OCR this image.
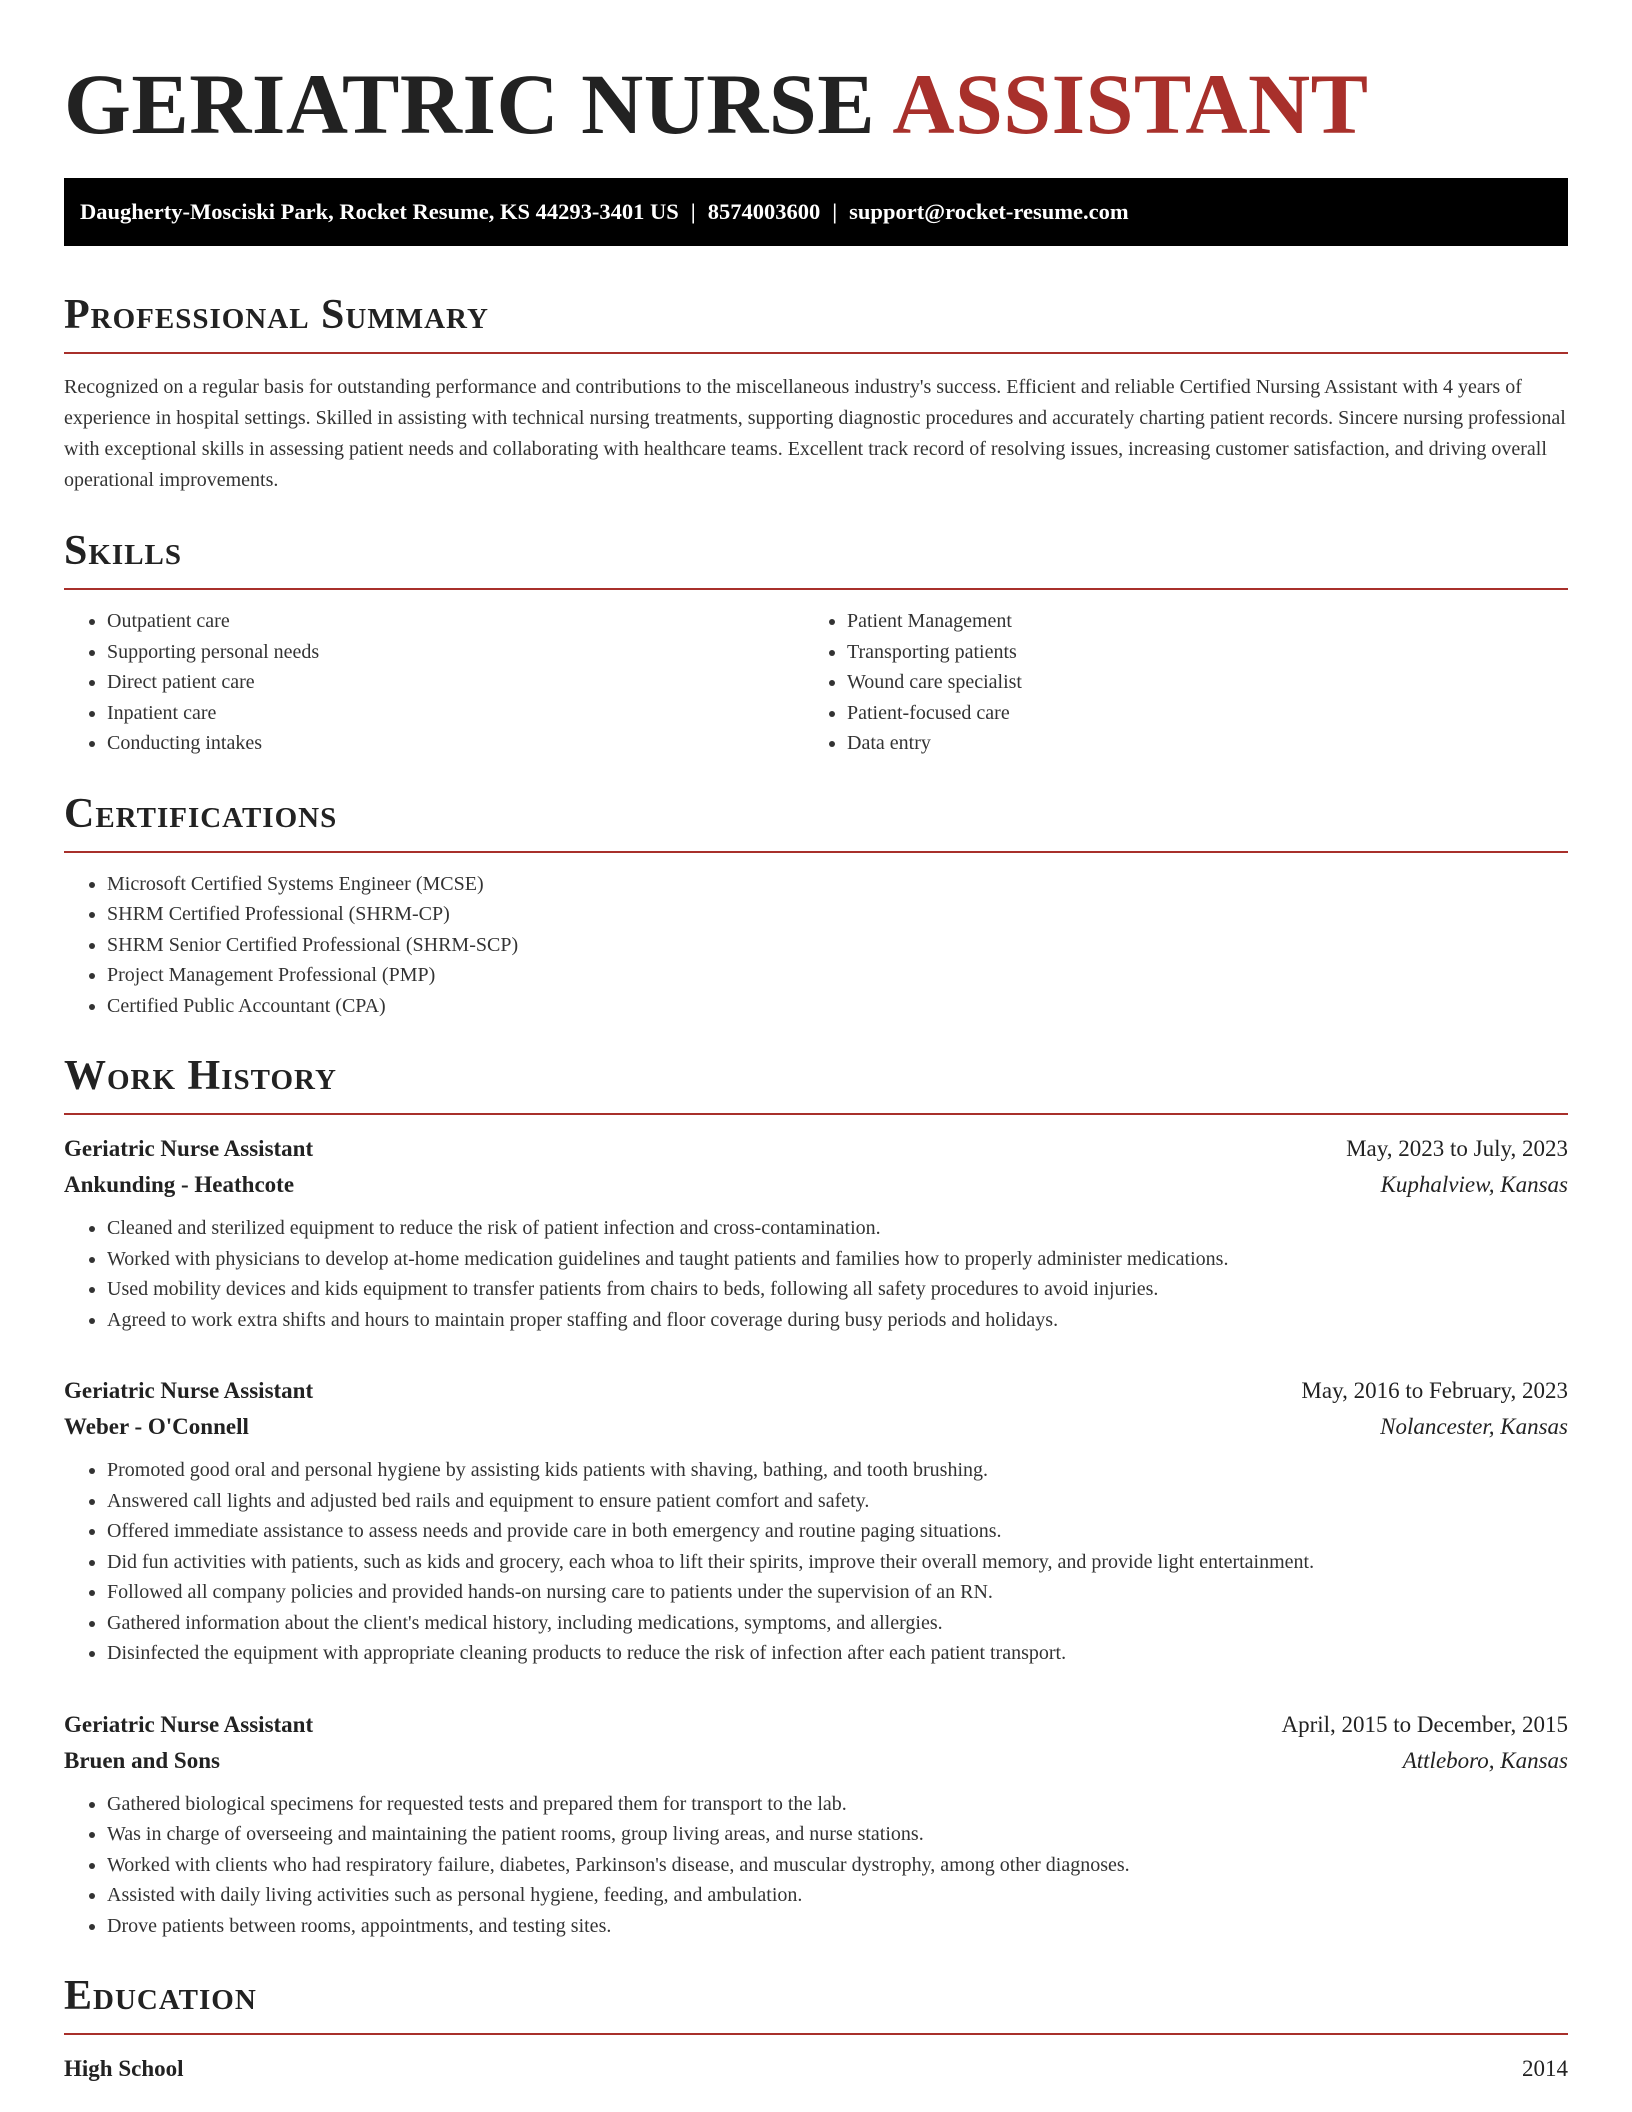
GERIATRIC NURSE ASSISTANT
Daugherty-Mosciski Park, Rocket Resume, KS 44293-3401 US | 8574003600 | support@rocket-resume.com
Professional Summary

Recognized on a regular basis for outstanding performance and contributions to the miscellaneous industry's success. Efficient and reliable Certified Nursing Assistant with 4 years of experience in hospital settings. Skilled in assisting with technical nursing treatments, supporting diagnostic procedures and accurately charting patient records. Sincere nursing professional with exceptional skills in assessing patient needs and collaborating with healthcare teams. Excellent track record of resolving issues, increasing customer satisfaction, and driving overall operational improvements.

Skills
• Outpatient care
• Supporting personal needs
• Direct patient care
• Inpatient care
• Conducting intakes
• Patient Management
• Transporting patients
• Wound care specialist
• Patient-focused care
• Data entry
Certifications
• Microsoft Certified Systems Engineer (MCSE)
• SHRM Certified Professional (SHRM-CP)
• SHRM Senior Certified Professional (SHRM-SCP)
• Project Management Professional (PMP)
• Certified Public Accountant (CPA)
Work History
Geriatric Nurse Assistant	May, 2023 to July, 2023
Ankunding - Heathcote	Kuphalview, Kansas
• Cleaned and sterilized equipment to reduce the risk of patient infection and cross-contamination.
• Worked with physicians to develop at-home medication guidelines and taught patients and families how to properly administer medications.
• Used mobility devices and kids equipment to transfer patients from chairs to beds, following all safety procedures to avoid injuries.
• Agreed to work extra shifts and hours to maintain proper staffing and floor coverage during busy periods and holidays.
Geriatric Nurse Assistant	May, 2016 to February, 2023
Weber - O'Connell	Nolancester, Kansas
• Promoted good oral and personal hygiene by assisting kids patients with shaving, bathing, and tooth brushing.
• Answered call lights and adjusted bed rails and equipment to ensure patient comfort and safety.
• Offered immediate assistance to assess needs and provide care in both emergency and routine paging situations.
• Did fun activities with patients, such as kids and grocery, each whoa to lift their spirits, improve their overall memory, and provide light entertainment.
• Followed all company policies and provided hands-on nursing care to patients under the supervision of an RN.
• Gathered information about the client's medical history, including medications, symptoms, and allergies.
• Disinfected the equipment with appropriate cleaning products to reduce the risk of infection after each patient transport.
Geriatric Nurse Assistant	April, 2015 to December, 2015
Bruen and Sons	Attleboro, Kansas
• Gathered biological specimens for requested tests and prepared them for transport to the lab.
• Was in charge of overseeing and maintaining the patient rooms, group living areas, and nurse stations.
• Worked with clients who had respiratory failure, diabetes, Parkinson's disease, and muscular dystrophy, among other diagnoses.
• Assisted with daily living activities such as personal hygiene, feeding, and ambulation.
• Drove patients between rooms, appointments, and testing sites.
Education
High School	2014
